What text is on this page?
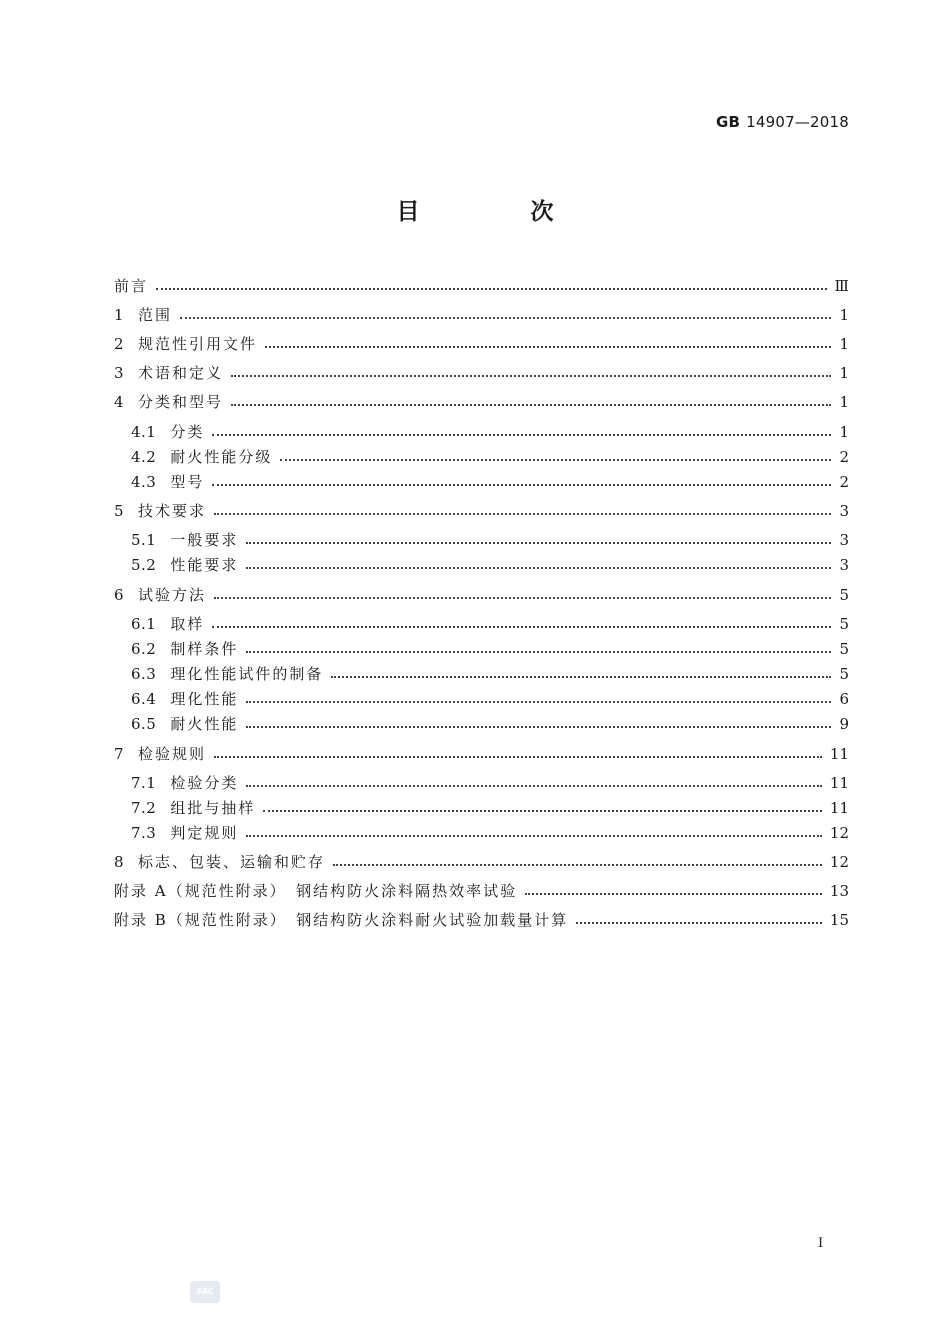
GB 14907—2018
目　次
前言	Ⅲ
1 范围	1
2 规范性引用文件	1
3 术语和定义	1
4 分类和型号	1
4.1 分类	1
4.2 耐火性能分级	2
4.3 型号	2
5 技术要求	3
5.1 一般要求	3
5.2 性能要求	3
6 试验方法	5
6.1 取样	5
6.2 制样条件	5
6.3 理化性能试件的制备	5
6.4 理化性能	6
6.5 耐火性能	9
7 检验规则	11
7.1 检验分类	11
7.2 组批与抽样	11
7.3 判定规则	12
8 标志、包装、运输和贮存	12
附录 A（规范性附录）　钢结构防火涂料隔热效率试验	13
附录 B（规范性附录）　钢结构防火涂料耐火试验加载量计算	15
I
SAC
